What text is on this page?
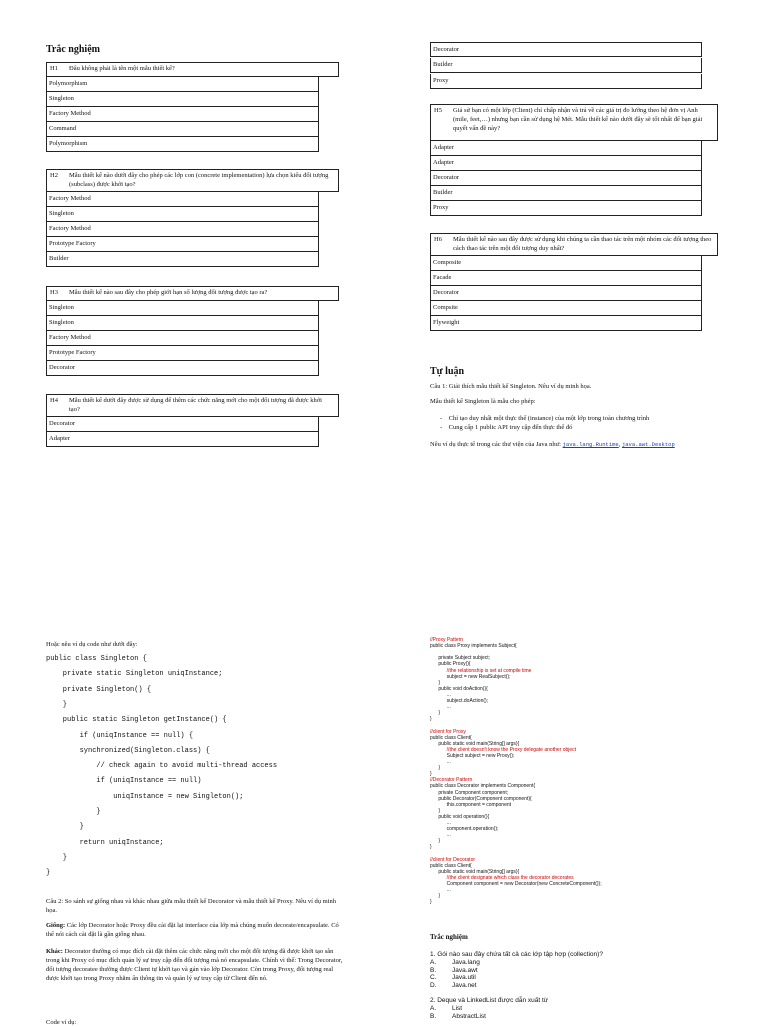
Trắc nghiệm
H1 Đâu không phải là tên một mẫu thiết kế?
Polymorphism
Singleton
Factory Method
Command
Polymorphism
H2 Mẫu thiết kế nào dưới đây cho phép các lớp con (concrete implementation) lựa chọn kiểu đối tượng (subclass) được khởi tạo?
Factory Method
Singleton
Factory Method
Prototype Factory
Builder
H3 Mẫu thiết kế nào sau đây cho phép giới hạn số lượng đối tượng được tạo ra?
Singleton
Singleton
Factory Method
Prototype Factory
Decorator
H4 Mẫu thiết kế dưới đây được sử dụng để thêm các chức năng mới cho một đối tượng đã được khởi tạo?
Decorator
Adapter
H5 Giả sử bạn có một lớp (Client) chỉ chấp nhận và trả về các giá trị đo lường theo hệ đơn vị Anh (mile, feet,…) nhưng bạn cần sử dụng hệ Mét. Mẫu thiết kế nào dưới đây sẽ tốt nhất để bạn giải quyết vấn đề này?
Adapter
Adapter
Decorator
Builder
Proxy
H6 Mẫu thiết kế nào sau đây được sử dụng khi chúng ta cần thao tác trên một nhóm các đối tượng theo cách thao tác trên một đối tượng duy nhất?
Composite
Facade
Decorator
Compsite
Flyweight
Decorator
Builder
Proxy
Tự luận
Câu 1: Giải thích mẫu thiết kế Singleton. Nêu ví dụ minh họa.
Mẫu thiết kế Singleton là mẫu cho phép:
-    Chỉ tạo duy nhất một thực thể (instance) của một lớp trong toàn chương trình
-    Cung cấp 1 public API truy cập đến thực thể đó
Nêu ví dụ thực tế trong các thư viện của Java như: java.lang.Runtime, java.awt.Desktop
Hoặc nêu ví dụ code như dưới đây:
public class Singleton {
private static Singleton uniqInstance;
private Singleton() {
}
public static Singleton getInstance() {
if (uniqInstance == null) {
synchronized(Singleton.class) {
// check again to avoid multi-thread access
if (uniqInstance == null)
uniqInstance = new Singleton();
}
}
return uniqInstance;
}
}
Câu 2: So sánh sự giống nhau và khác nhau giữa mẫu thiết kế Decorator và mẫu thiết kế Proxy. Nêu ví dụ minh họa.
Giống: Các lớp Decorator hoặc Proxy đều cài đặt lại interface của lớp mà chúng muốn decorate/encapsulate. Có thể nói cách cài đặt là gần giống nhau.
Khác: Decorator thường có mục đích cài đặt thêm các chức năng mới cho một đối tượng đã được khởi tạo sẵn trong khi Proxy có mục đích quản lý sự truy cập đến đối tượng mà nó encapsulate. Chính vì thế: Trong Decorator, đối tượng decoratee thường được Client tự khởi tạo và gán vào lớp Decorator. Còn trong Proxy, đối tượng real được khởi tạo trong Proxy nhằm ẩn thông tin và quản lý sự truy cập từ Client đến nó.
Code ví dụ:
//Proxy Pattern
public class Proxy implements Subject{
private Subject subject;
public Proxy(){
//the relationship is set at compile time
subject = new RealSubject();
}
public void doAction(){
...
subject.doAction();
...
}
}
//client for Proxy
public class Client{
public static void main(String[] args){
//the client doesn't know the Proxy delegate another object
Subject subject = new Proxy();
...
}
}
//Decorator Pattern
public class Decorator implements Component{
private Component component;
public Decorator(Component component){
this.component = component
}
public void operation(){
...
component.operation();
...
}
}
//client for Decorator
public class Client{
public static void main(String[] args){
//the client designate which class the decorator decorates
Component component = new Decorator(new ConcreteComponent());
...
}
}
Trắc nghiệm
1. Gói nào sau đây chứa tất cả các lớp tập hợp (collection)?
A. Java.lang
B. Java.awt
C. Java.util
D. Java.net
2. Deque và LinkedList được dẫn xuất từ
A. List
B. AbstractList
